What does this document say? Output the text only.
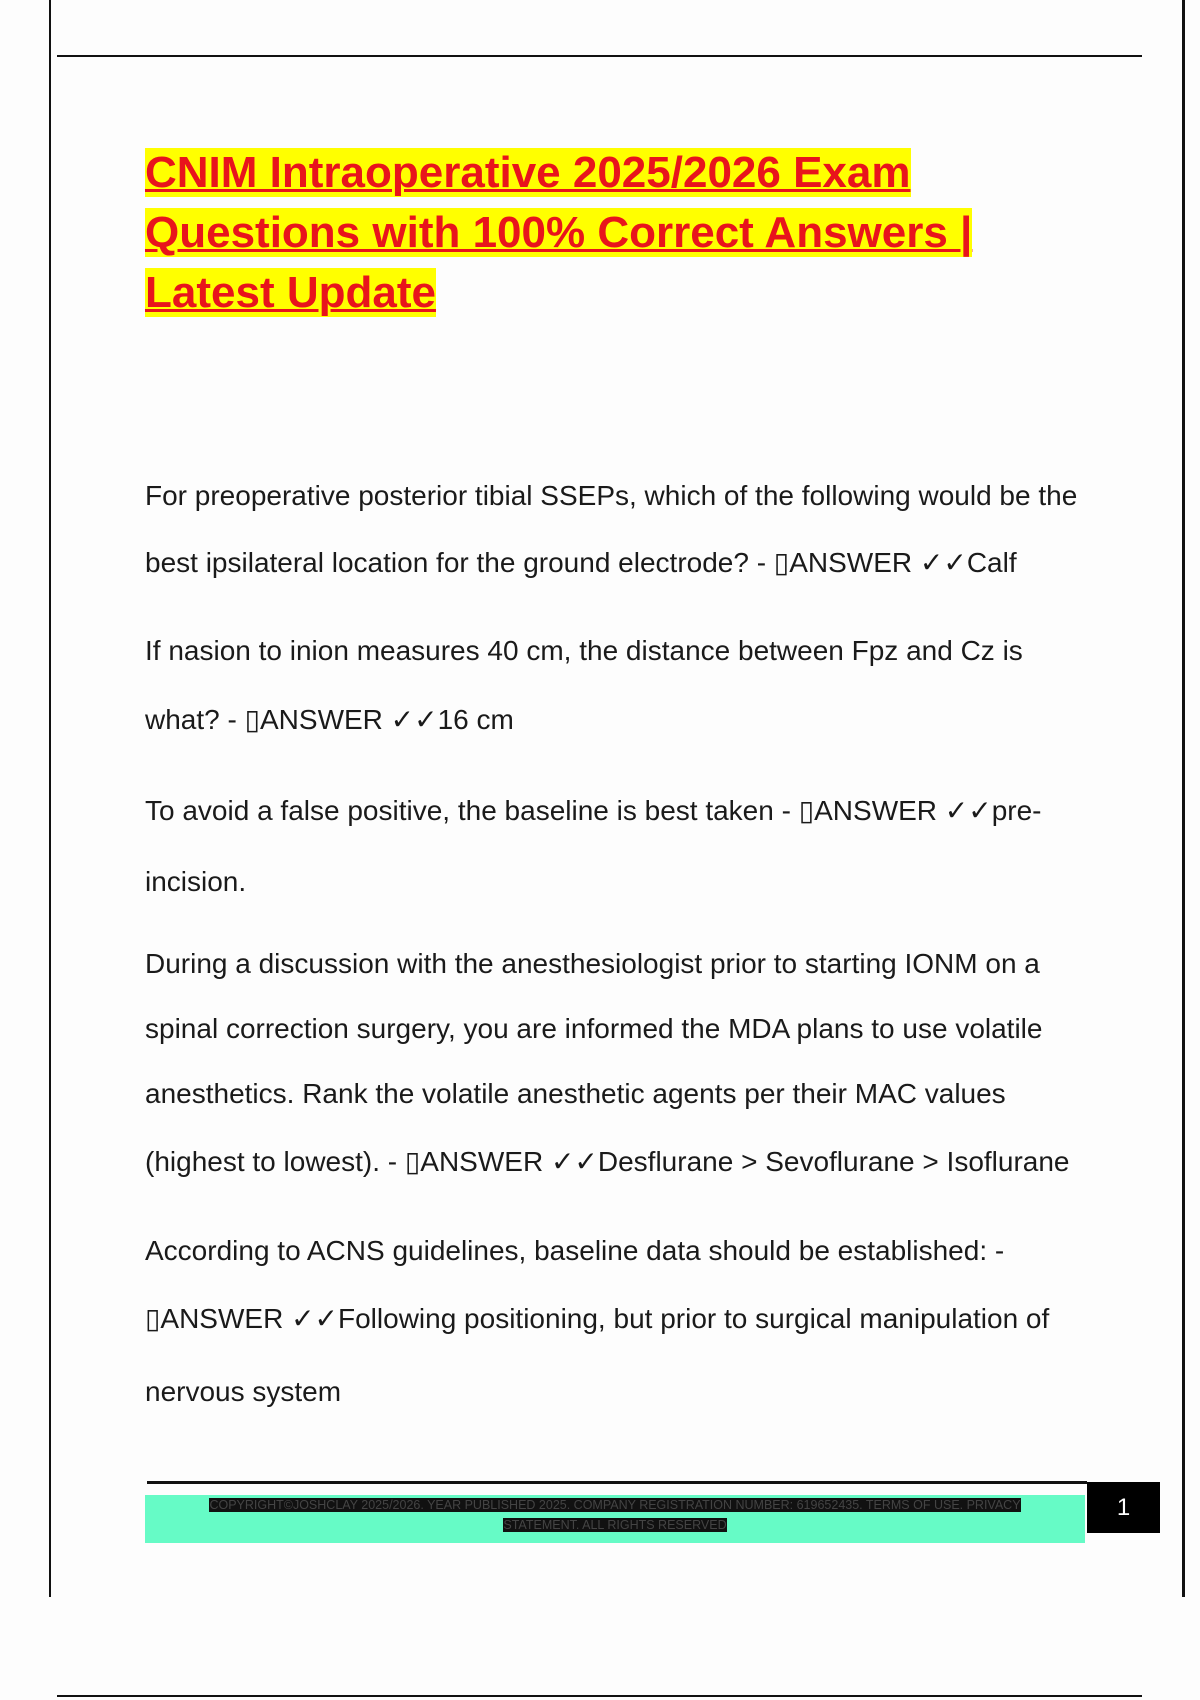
CNIM Intraoperative 2025/2026 Exam
Questions with 100% Correct Answers |
Latest Update
For preoperative posterior tibial SSEPs, which of the following would be the
best ipsilateral location for the ground electrode? - ▯ANSWER ✓✓Calf
If nasion to inion measures 40 cm, the distance between Fpz and Cz is
what? - ▯ANSWER ✓✓16 cm
To avoid a false positive, the baseline is best taken - ▯ANSWER ✓✓pre-
incision.
During a discussion with the anesthesiologist prior to starting IONM on a
spinal correction surgery, you are informed the MDA plans to use volatile
anesthetics. Rank the volatile anesthetic agents per their MAC values
(highest to lowest). - ▯ANSWER ✓✓Desflurane > Sevoflurane > Isoflurane
According to ACNS guidelines, baseline data should be established: -
▯ANSWER ✓✓Following positioning, but prior to surgical manipulation of
nervous system
COPYRIGHT©JOSHCLAY 2025/2026. YEAR PUBLISHED 2025. COMPANY REGISTRATION NUMBER: 619652435. TERMS OF USE. PRIVACY
STATEMENT. ALL RIGHTS RESERVED
1
